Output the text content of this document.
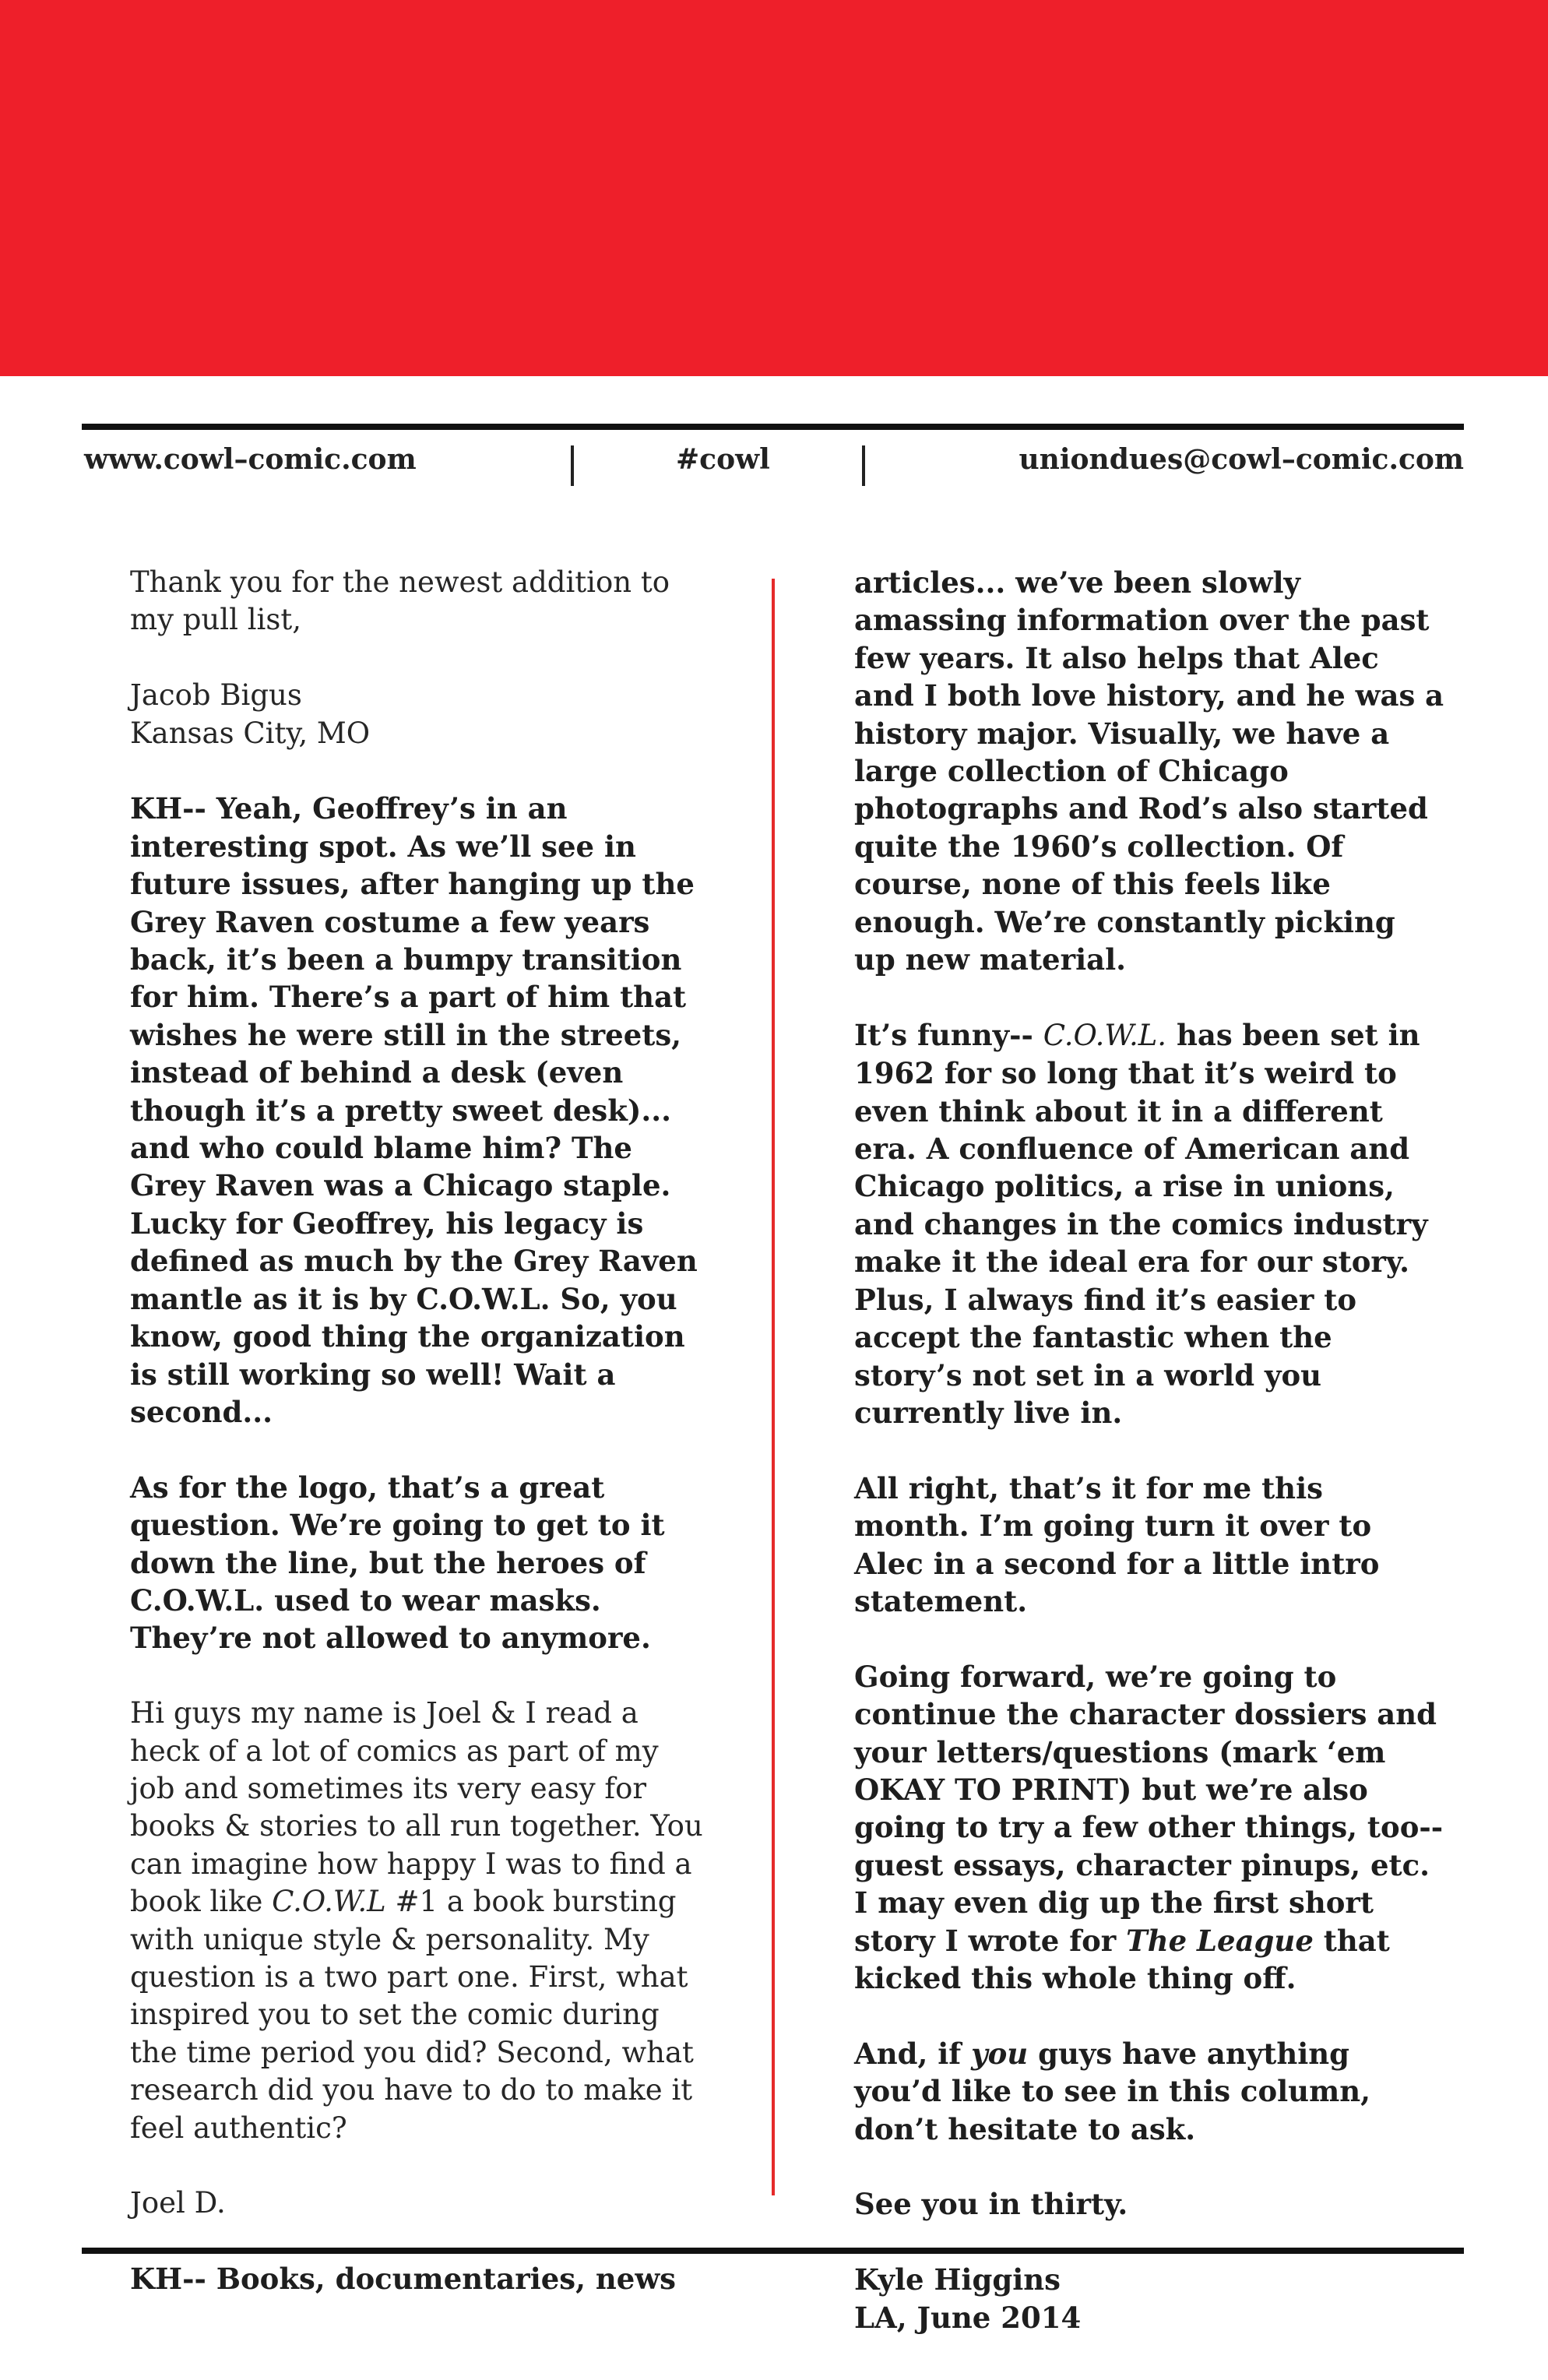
www.cowl–comic.com	#cowl	uniondues@cowl–comic.com

Thank you for the newest addition to my pull list,

Jacob Bigus
Kansas City, MO

KH-- Yeah, Geoffrey’s in an interesting spot. As we’ll see in future issues, after hanging up the Grey Raven costume a few years back, it’s been a bumpy transition for him. There’s a part of him that wishes he were still in the streets, instead of behind a desk (even though it’s a pretty sweet desk)... and who could blame him? The Grey Raven was a Chicago staple. Lucky for Geoffrey, his legacy is defined as much by the Grey Raven mantle as it is by C.O.W.L. So, you know, good thing the organization is still working so well! Wait a second...

As for the logo, that’s a great question. We’re going to get to it down the line, but the heroes of C.O.W.L. used to wear masks. They’re not allowed to anymore.

Hi guys my name is Joel & I read a heck of a lot of comics as part of my job and sometimes its very easy for books & stories to all run together. You can imagine how happy I was to find a book like C.O.W.L #1 a book bursting with unique style & personality. My question is a two part one. First, what inspired you to set the comic during the time period you did? Second, what research did you have to do to make it feel authentic?

Joel D.

KH-- Books, documentaries, news

articles... we’ve been slowly amassing information over the past few years. It also helps that Alec and I both love history, and he was a history major. Visually, we have a large collection of Chicago photographs and Rod’s also started quite the 1960’s collection. Of course, none of this feels like enough. We’re constantly picking up new material.

It’s funny-- C.O.W.L. has been set in 1962 for so long that it’s weird to even think about it in a different era. A confluence of American and Chicago politics, a rise in unions, and changes in the comics industry make it the ideal era for our story. Plus, I always find it’s easier to accept the fantastic when the story’s not set in a world you currently live in.

All right, that’s it for me this month. I’m going turn it over to Alec in a second for a little intro statement.

Going forward, we’re going to continue the character dossiers and your letters/questions (mark ‘em OKAY TO PRINT) but we’re also going to try a few other things, too-- guest essays, character pinups, etc. I may even dig up the first short story I wrote for The League that kicked this whole thing off.

And, if you guys have anything you’d like to see in this column, don’t hesitate to ask.

See you in thirty.

Kyle Higgins
LA, June 2014
